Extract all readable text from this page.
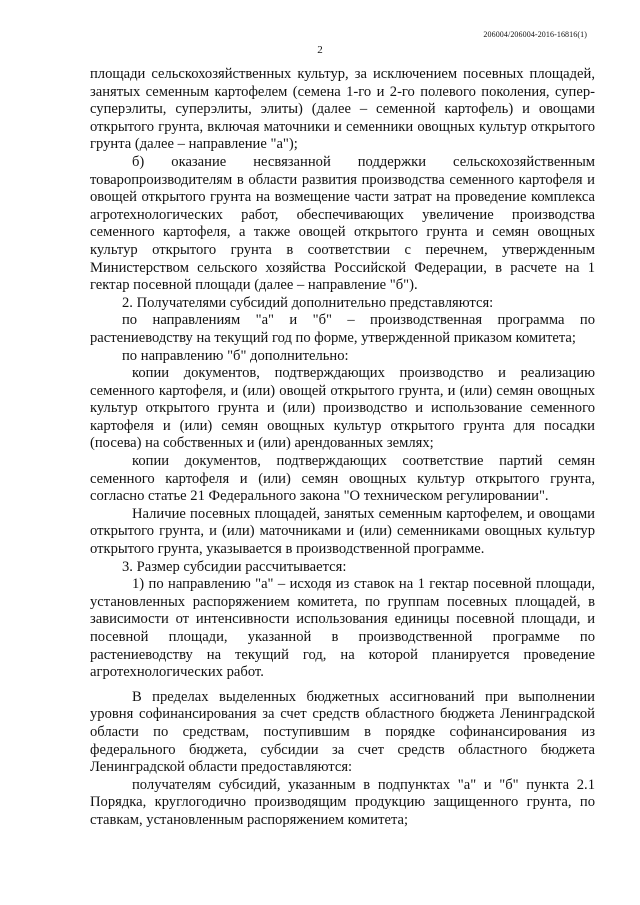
206004/206004-2016-16816(1)
2

площади сельскохозяйственных культур, за исключением посевных площадей, занятых семенным картофелем (семена 1-го и 2-го полевого поколения, супер-суперэлиты, суперэлиты, элиты) (далее – семенной картофель) и овощами открытого грунта, включая маточники и семенники овощных культур открытого грунта (далее – направление "а");

б) оказание несвязанной поддержки сельскохозяйственным товаропроизводителям в области развития производства семенного картофеля и овощей открытого грунта на возмещение части затрат на проведение комплекса агротехнологических работ, обеспечивающих увеличение производства семенного картофеля, а также овощей открытого грунта и семян овощных культур открытого грунта в соответствии с перечнем, утвержденным Министерством сельского хозяйства Российской Федерации, в расчете на 1 гектар посевной площади (далее – направление "б").

2. Получателями субсидий дополнительно представляются:

по направлениям "а" и "б" – производственная программа по растениеводству на текущий год по форме, утвержденной приказом комитета;

по направлению "б" дополнительно:

копии документов, подтверждающих производство и реализацию семенного картофеля, и (или) овощей открытого грунта, и (или) семян овощных культур открытого грунта и (или) производство и использование семенного картофеля и (или) семян овощных культур открытого грунта для посадки (посева) на собственных и (или) арендованных землях;

копии документов, подтверждающих соответствие партий семян семенного картофеля и (или) семян овощных культур открытого грунта, согласно статье 21 Федерального закона "О техническом регулировании".

Наличие посевных площадей, занятых семенным картофелем, и овощами открытого грунта, и (или) маточниками и (или) семенниками овощных культур открытого грунта, указывается в производственной программе.

3. Размер субсидии рассчитывается:

1) по направлению "а" – исходя из ставок на 1 гектар посевной площади, установленных распоряжением комитета, по группам посевных площадей, в зависимости от интенсивности использования единицы посевной площади, и посевной площади, указанной в производственной программе по растениеводству на текущий год, на которой планируется проведение агротехнологических работ.

В пределах выделенных бюджетных ассигнований при выполнении уровня софинансирования за счет средств областного бюджета Ленинградской области по средствам, поступившим в порядке софинансирования из федерального бюджета, субсидии за счет средств областного бюджета Ленинградской области предоставляются:

получателям субсидий, указанным в подпунктах "а" и "б" пункта 2.1 Порядка, круглогодично производящим продукцию защищенного грунта, по ставкам, установленным распоряжением комитета;
